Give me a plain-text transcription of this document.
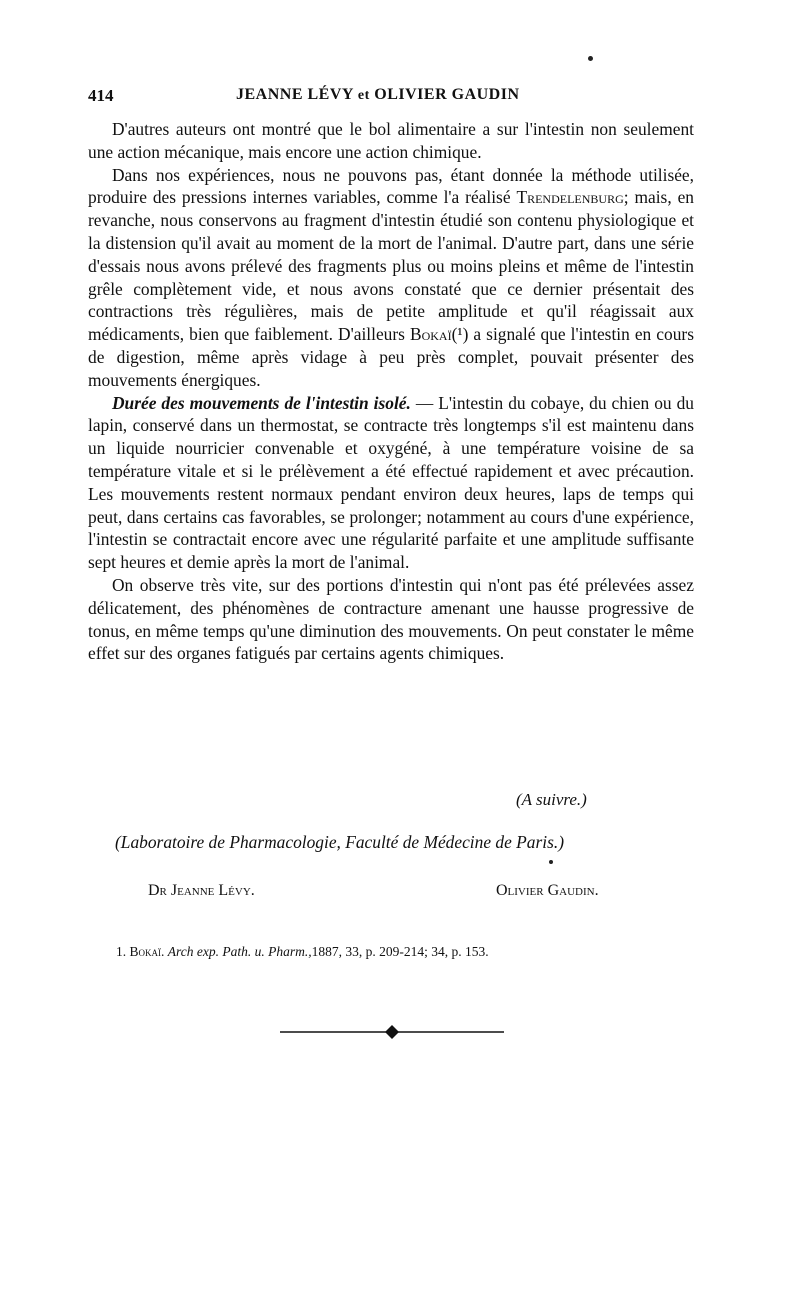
414	JEANNE LÉVY et OLIVIER GAUDIN

D'autres auteurs ont montré que le bol alimentaire a sur l'intestin non seulement une action mécanique, mais encore une action chimique.

Dans nos expériences, nous ne pouvons pas, étant donnée la méthode utilisée, produire des pressions internes variables, comme l'a réalisé Trendelenburg; mais, en revanche, nous conservons au fragment d'intestin étudié son contenu physiologique et la distension qu'il avait au moment de la mort de l'animal. D'autre part, dans une série d'essais nous avons prélevé des fragments plus ou moins pleins et même de l'intestin grêle complètement vide, et nous avons constaté que ce dernier présentait des contractions très régulières, mais de petite amplitude et qu'il réagissait aux médicaments, bien que faiblement. D'ailleurs Bokaï(¹) a signalé que l'intestin en cours de digestion, même après vidage à peu près complet, pouvait présenter des mouvements énergiques.

Durée des mouvements de l'intestin isolé. — L'intestin du cobaye, du chien ou du lapin, conservé dans un thermostat, se contracte très longtemps s'il est maintenu dans un liquide nourricier convenable et oxygéné, à une température voisine de sa température vitale et si le prélèvement a été effectué rapidement et avec précaution. Les mouvements restent normaux pendant environ deux heures, laps de temps qui peut, dans certains cas favorables, se prolonger; notamment au cours d'une expérience, l'intestin se contractait encore avec une régularité parfaite et une amplitude suffisante sept heures et demie après la mort de l'animal.

On observe très vite, sur des portions d'intestin qui n'ont pas été prélevées assez délicatement, des phénomènes de contracture amenant une hausse progressive de tonus, en même temps qu'une diminution des mouvements. On peut constater le même effet sur des organes fatigués par certains agents chimiques.

(A suivre.)
(Laboratoire de Pharmacologie, Faculté de Médecine de Paris.)
Dr Jeanne Lévy.	Olivier Gaudin.
1. Bokaï. Arch exp. Path. u. Pharm.,1887, 33, p. 209-214; 34, p. 153.
